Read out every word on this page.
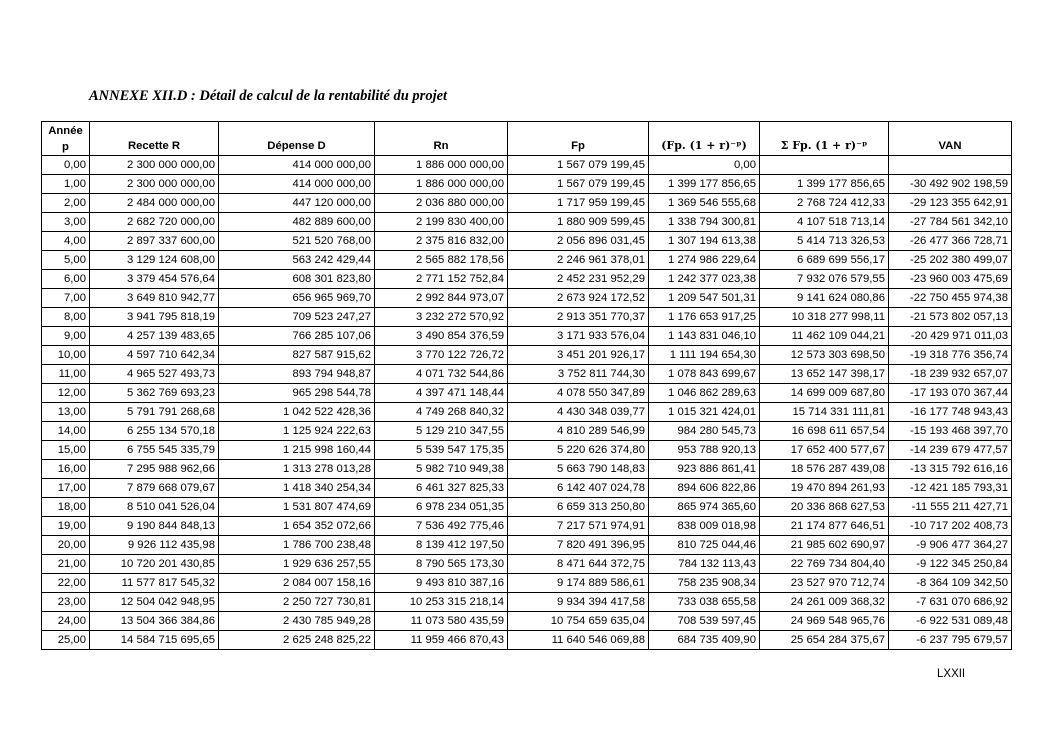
ANNEXE XII.D : Détail de calcul de la rentabilité du projet
Année
p	Recette R	Dépense D	Rn	Fp	(Fp. (1 + r)⁻ᵖ)	Σ Fp. (1 + r)⁻ᵖ	VAN
0,00	2 300 000 000,00	414 000 000,00	1 886 000 000,00	1 567 079 199,45	0,00		
1,00	2 300 000 000,00	414 000 000,00	1 886 000 000,00	1 567 079 199,45	1 399 177 856,65	1 399 177 856,65	-30 492 902 198,59
2,00	2 484 000 000,00	447 120 000,00	2 036 880 000,00	1 717 959 199,45	1 369 546 555,68	2 768 724 412,33	-29 123 355 642,91
3,00	2 682 720 000,00	482 889 600,00	2 199 830 400,00	1 880 909 599,45	1 338 794 300,81	4 107 518 713,14	-27 784 561 342,10
4,00	2 897 337 600,00	521 520 768,00	2 375 816 832,00	2 056 896 031,45	1 307 194 613,38	5 414 713 326,53	-26 477 366 728,71
5,00	3 129 124 608,00	563 242 429,44	2 565 882 178,56	2 246 961 378,01	1 274 986 229,64	6 689 699 556,17	-25 202 380 499,07
6,00	3 379 454 576,64	608 301 823,80	2 771 152 752,84	2 452 231 952,29	1 242 377 023,38	7 932 076 579,55	-23 960 003 475,69
7,00	3 649 810 942,77	656 965 969,70	2 992 844 973,07	2 673 924 172,52	1 209 547 501,31	9 141 624 080,86	-22 750 455 974,38
8,00	3 941 795 818,19	709 523 247,27	3 232 272 570,92	2 913 351 770,37	1 176 653 917,25	10 318 277 998,11	-21 573 802 057,13
9,00	4 257 139 483,65	766 285 107,06	3 490 854 376,59	3 171 933 576,04	1 143 831 046,10	11 462 109 044,21	-20 429 971 011,03
10,00	4 597 710 642,34	827 587 915,62	3 770 122 726,72	3 451 201 926,17	1 111 194 654,30	12 573 303 698,50	-19 318 776 356,74
11,00	4 965 527 493,73	893 794 948,87	4 071 732 544,86	3 752 811 744,30	1 078 843 699,67	13 652 147 398,17	-18 239 932 657,07
12,00	5 362 769 693,23	965 298 544,78	4 397 471 148,44	4 078 550 347,89	1 046 862 289,63	14 699 009 687,80	-17 193 070 367,44
13,00	5 791 791 268,68	1 042 522 428,36	4 749 268 840,32	4 430 348 039,77	1 015 321 424,01	15 714 331 111,81	-16 177 748 943,43
14,00	6 255 134 570,18	1 125 924 222,63	5 129 210 347,55	4 810 289 546,99	984 280 545,73	16 698 611 657,54	-15 193 468 397,70
15,00	6 755 545 335,79	1 215 998 160,44	5 539 547 175,35	5 220 626 374,80	953 788 920,13	17 652 400 577,67	-14 239 679 477,57
16,00	7 295 988 962,66	1 313 278 013,28	5 982 710 949,38	5 663 790 148,83	923 886 861,41	18 576 287 439,08	-13 315 792 616,16
17,00	7 879 668 079,67	1 418 340 254,34	6 461 327 825,33	6 142 407 024,78	894 606 822,86	19 470 894 261,93	-12 421 185 793,31
18,00	8 510 041 526,04	1 531 807 474,69	6 978 234 051,35	6 659 313 250,80	865 974 365,60	20 336 868 627,53	-11 555 211 427,71
19,00	9 190 844 848,13	1 654 352 072,66	7 536 492 775,46	7 217 571 974,91	838 009 018,98	21 174 877 646,51	-10 717 202 408,73
20,00	9 926 112 435,98	1 786 700 238,48	8 139 412 197,50	7 820 491 396,95	810 725 044,46	21 985 602 690,97	-9 906 477 364,27
21,00	10 720 201 430,85	1 929 636 257,55	8 790 565 173,30	8 471 644 372,75	784 132 113,43	22 769 734 804,40	-9 122 345 250,84
22,00	11 577 817 545,32	2 084 007 158,16	9 493 810 387,16	9 174 889 586,61	758 235 908,34	23 527 970 712,74	-8 364 109 342,50
23,00	12 504 042 948,95	2 250 727 730,81	10 253 315 218,14	9 934 394 417,58	733 038 655,58	24 261 009 368,32	-7 631 070 686,92
24,00	13 504 366 384,86	2 430 785 949,28	11 073 580 435,59	10 754 659 635,04	708 539 597,45	24 969 548 965,76	-6 922 531 089,48
25,00	14 584 715 695,65	2 625 248 825,22	11 959 466 870,43	11 640 546 069,88	684 735 409,90	25 654 284 375,67	-6 237 795 679,57
LXXII
